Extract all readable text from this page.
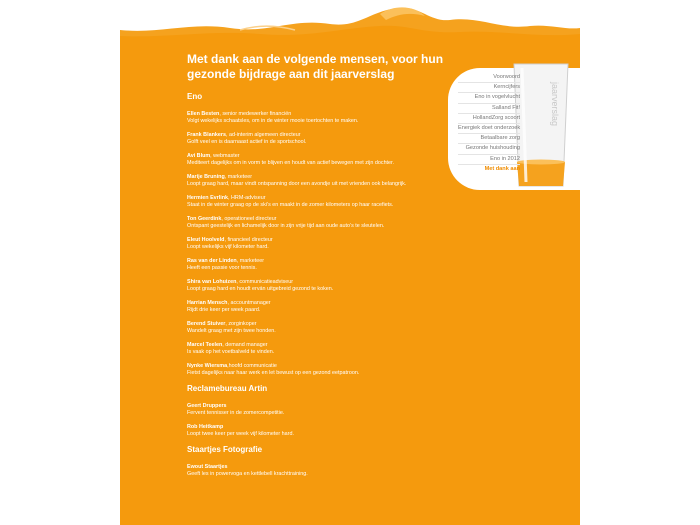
Met dank aan de volgende mensen, voor hun gezonde bijdrage aan dit jaarverslag
Eno
Ellen Besten, senior medewerker financiën
Volgt wekelijks schaatsles, om in de winter mooie toertochten te maken.
Frank Blankers, ad-interim algemeen directeur
Golft veel en is daarnaast actief in de sportschool.
Avi Blum, webmaster
Mediteert dagelijks om in vorm te blijven en houdt van actief bewegen met zijn dochter.
Marije Bruning, marketeer
Loopt graag hard, maar vindt ontspanning door een avondje uit met vrienden ook belangrijk.
Hermien Evrlink, HRM-adviseur
Staat in de winter graag op de ski’s en maakt in de zomer kilometers op haar racefiets.
Ton Geerdink, operationeel directeur
Ontspant geestelijk en lichamelijk door in zijn vrije tijd aan oude auto’s te sleutelen.
Eleut Hoolveld, financieel directeur
Loopt wekelijks vijf kilometer hard.
Ras van der Linden, marketeer
Heeft een passie voor tennis.
Shira van Lohuizen, communicatieadviseur
Loopt graag hard en houdt erván uitgebreid gezond te koken.
Harrian Mensch, accountmanager
Rijdt drie keer per week paard.
Berend Stuiver, zorginkoper
Wandelt graag met zijn twee honden.
Marcel Teelen, demand manager
Is vaak op het voetbalveld te vinden.
Nynke Wiersma,hoofd communicatie
Fietst dagelijks naar haar werk en let bewust op een gezond eetpatroon.
Reclamebureau Artin
Geert Druppers
Fervent tennisser in de zomercompetitie.
Rob Heitkamp
Loopt twee keer per week vijf kilometer hard.
Staartjes Fotografie
Ewout Staartjes
Geeft les in powervoga en kettlebell krachttraining.
jaarverslag
Voorwoord
Kerncijfers
Eno in vogelvlucht
Salland Fit!
HollandZorg scoort
Energiek doet onderzoek
Betaalbare zorg
Gezonde huishouding
Eno in 2012
Met dank aan
